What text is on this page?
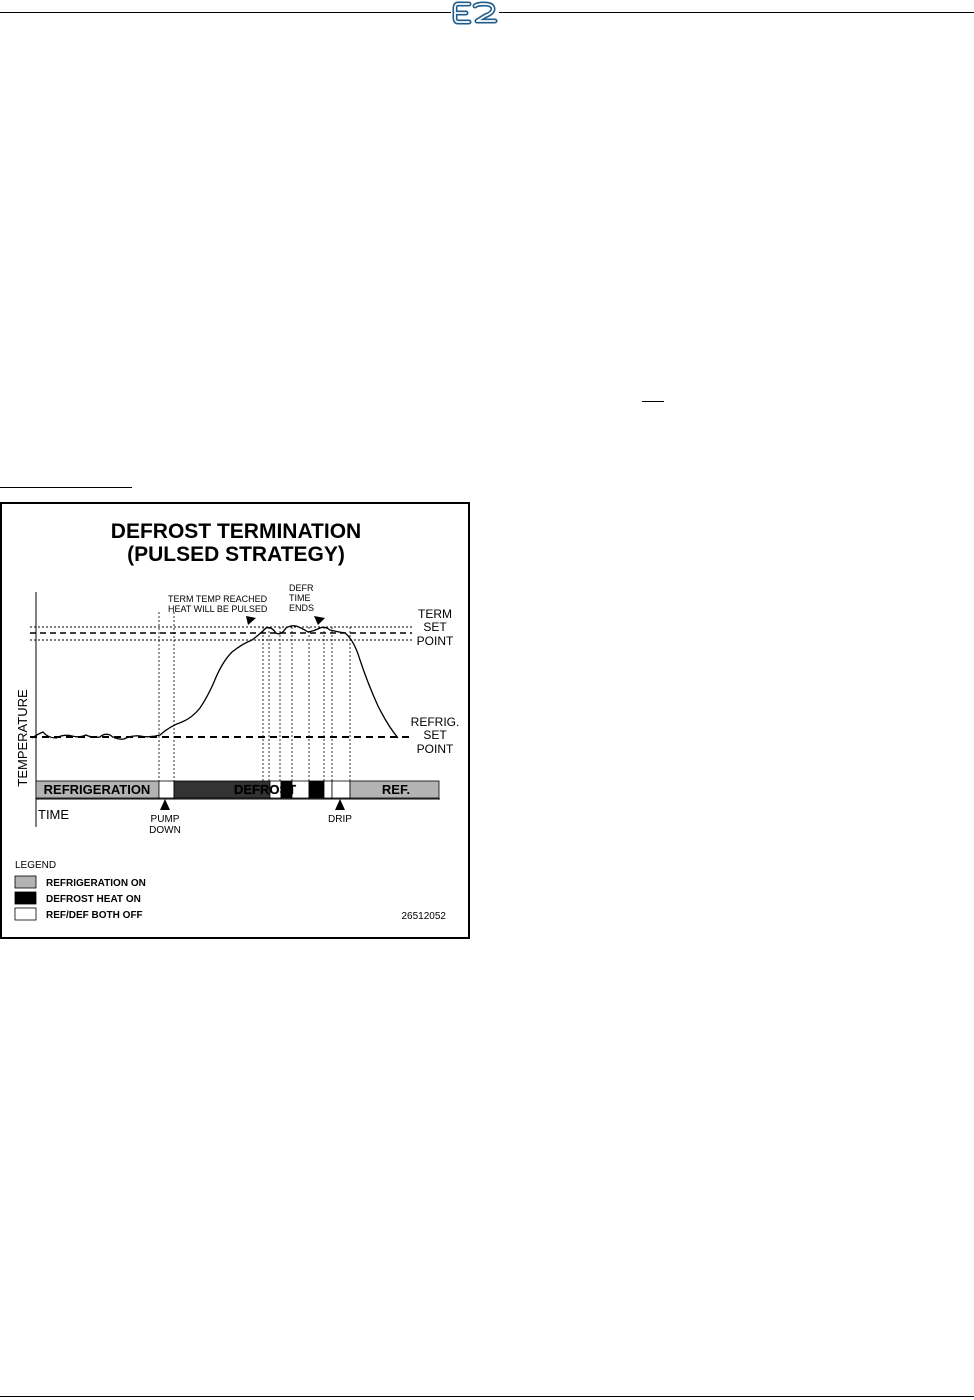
DEFROST TERMINATION
(PULSED STRATEGY)
TERM TEMP REACHED
HEAT WILL BE PULSED
DEFR
TIME
ENDS	TERM
SET
POINT
REFRIG.
SET
POINT
TEMPERATURE
REFRIGERATION	DEFROST	REF.
TIME	PUMP
DOWN
DRIP
LEGEND
REFRIGERATION ON
DEFROST HEAT ON
REF/DEF BOTH OFF	26512052
